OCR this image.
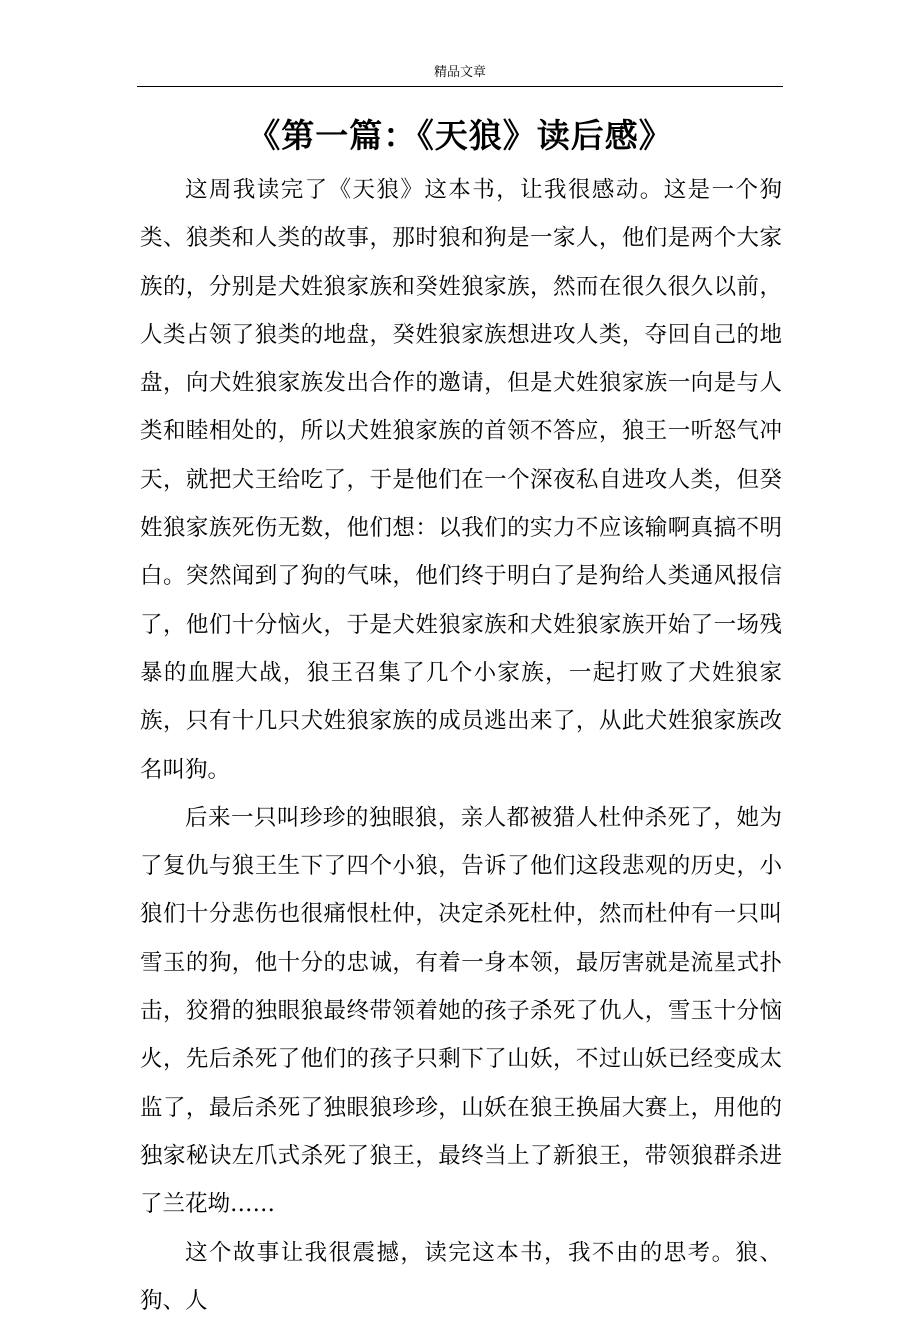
精品文章
《第一篇：《天狼》读后感》

这周我读完了《天狼》这本书，让我很感动。这是一个狗类、狼类和人类的故事，那时狼和狗是一家人，他们是两个大家族的，分别是犬姓狼家族和癸姓狼家族，然而在很久很久以前，人类占领了狼类的地盘，癸姓狼家族想进攻人类，夺回自己的地盘，向犬姓狼家族发出合作的邀请，但是犬姓狼家族一向是与人类和睦相处的，所以犬姓狼家族的首领不答应，狼王一听怒气冲天，就把犬王给吃了，于是他们在一个深夜私自进攻人类，但癸姓狼家族死伤无数，他们想：以我们的实力不应该输啊真搞不明白。突然闻到了狗的气味，他们终于明白了是狗给人类通风报信了，他们十分恼火，于是犬姓狼家族和犬姓狼家族开始了一场残暴的血腥大战，狼王召集了几个小家族，一起打败了犬姓狼家族，只有十几只犬姓狼家族的成员逃出来了，从此犬姓狼家族改名叫狗。

后来一只叫珍珍的独眼狼，亲人都被猎人杜仲杀死了，她为了复仇与狼王生下了四个小狼，告诉了他们这段悲观的历史，小狼们十分悲伤也很痛恨杜仲，决定杀死杜仲，然而杜仲有一只叫雪玉的狗，他十分的忠诚，有着一身本领，最厉害就是流星式扑击，狡猾的独眼狼最终带领着她的孩子杀死了仇人，雪玉十分恼火，先后杀死了他们的孩子只剩下了山妖，不过山妖已经变成太监了，最后杀死了独眼狼珍珍，山妖在狼王换届大赛上，用他的独家秘诀左爪式杀死了狼王，最终当上了新狼王，带领狼群杀进了兰花坳……

这个故事让我很震撼，读完这本书，我不由的思考。狼、狗、人
